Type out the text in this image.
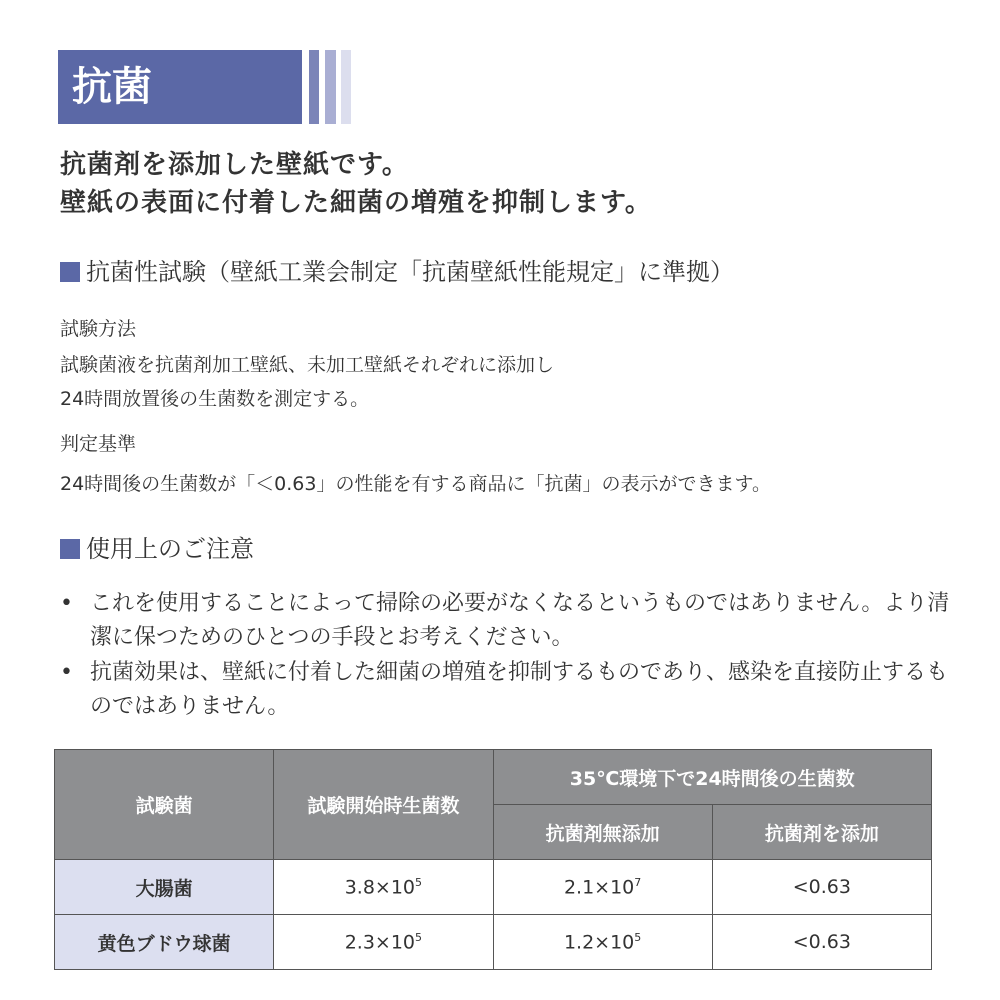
抗菌
抗菌剤を添加した壁紙です。
壁紙の表面に付着した細菌の増殖を抑制します。
抗菌性試験（壁紙工業会制定「抗菌壁紙性能規定」に準拠）
試験方法
試験菌液を抗菌剤加工壁紙、未加工壁紙それぞれに添加し
24時間放置後の生菌数を測定する。
判定基準
24時間後の生菌数が「＜0.63」の性能を有する商品に「抗菌」の表示ができます。
使用上のご注意
• これを使用することによって掃除の必要がなくなるというものではありません。より清潔に保つためのひとつの手段とお考えください。
• 抗菌効果は、壁紙に付着した細菌の増殖を抑制するものであり、感染を直接防止するものではありません。
試験菌	試験開始時生菌数	35℃環境下で24時間後の生菌数	
		抗菌剤無添加	抗菌剤を添加
大腸菌	$3.8\times 10^5$	$2.1\times 10^7$	<0.63
黄色ブドウ球菌	$2.3\times 10^5$	$1.2\times 10^5$	<0.63
